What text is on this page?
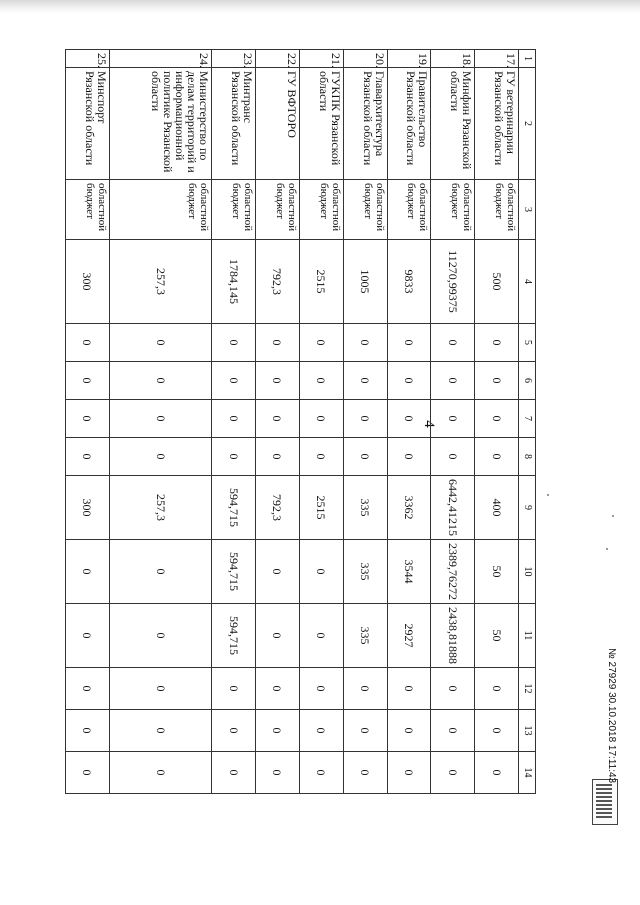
4
1	2	3	4	5	6	7	8	9	10	11	12	13	14
17.	ГУ ветеринарии Рязанской области	областной бюджет	500	0	0	0	0	400	50	50	0	0	0
18.	Минфин Рязанской области	областной бюджет	11270,99375	0	0	0	0	6442,41215	2389,76272	2438,81888	0	0	0
19.	Правительство Рязанской области	областной бюджет	9833	0	0	0	0	3362	3544	2927	0	0	0
20.	Главархитектура Рязанской области	областной бюджет	1005	0	0	0	0	335	335	335	0	0	0
21.	ГУКПК Рязанской области	областной бюджет	2515	0	0	0	0	2515	0	0	0	0	0
22.	ГУ ВФТОРО	областной бюджет	792,3	0	0	0	0	792,3	0	0	0	0	0
23.	Минтранс Рязанской области	областной бюджет	1784,145	0	0	0	0	594,715	594,715	594,715	0	0	0
24.	Министерство по делам территорий и информационной политике Рязанской области	областной бюджет	257,3	0	0	0	0	257,3	0	0	0	0	0
25.	Минспорт Рязанской области	областной бюджет	300	0	0	0	0	300	0	0	0	0	0	№ 27929 30.10.2018 17:11:43
